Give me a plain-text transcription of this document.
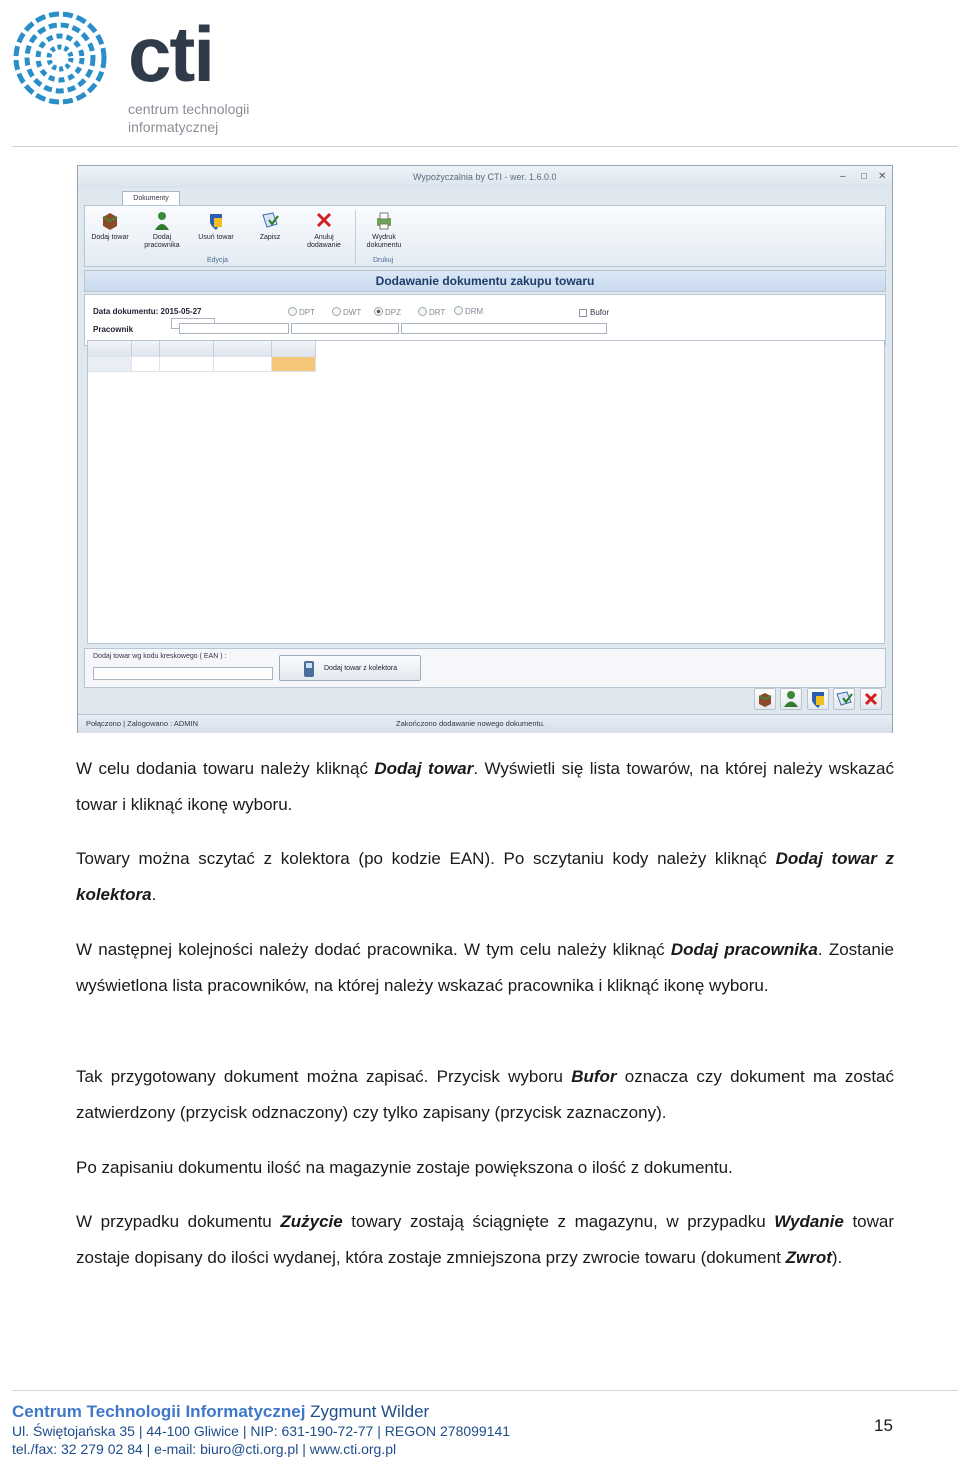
cti
centrum technologii
informatycznej
Wypożyczalnia by CTI - wer. 1.6.0.0	– □ ✕
Dokumenty
Dodaj towar	Dodaj
pracownika
Usuń towar	Zapisz	Anuluj
dodawanie
Wydruk
dokumentu
Edycja	Drukuj
Dodawanie dokumentu zakupu towaru
Data dokumentu: 2015-05-27
Pracownik
DPT	DWT	DPZ	DRT	DRM	Bufor
Dodaj towar wg kodu kreskowego ( EAN ) :
Dodaj towar z kolektora
Połączono | Zalogowano : ADMIN	Zakończono dodawanie nowego dokumentu.
W celu dodania towaru należy kliknąć Dodaj towar. Wyświetli się lista towarów, na której należy wskazać towar i kliknąć ikonę wyboru.
Towary można sczytać z kolektora (po kodzie EAN). Po sczytaniu kody należy kliknąć Dodaj towar z kolektora.
W następnej kolejności należy dodać pracownika. W tym celu należy kliknąć Dodaj pracownika. Zostanie wyświetlona lista pracowników, na której należy wskazać pracownika i kliknąć ikonę wyboru.
Tak przygotowany dokument można zapisać. Przycisk wyboru Bufor oznacza czy dokument ma zostać zatwierdzony (przycisk odznaczony) czy tylko zapisany (przycisk zaznaczony).
Po zapisaniu dokumentu ilość na magazynie zostaje powiększona o ilość z dokumentu.
W przypadku dokumentu Zużycie towary zostają ściągnięte z magazynu, w przypadku Wydanie towar zostaje dopisany do ilości wydanej, która zostaje zmniejszona przy zwrocie towaru (dokument Zwrot).
Centrum Technologii Informatycznej Zygmunt Wilder
Ul. Świętojańska 35 | 44-100 Gliwice | NIP: 631-190-72-77 | REGON 278099141
tel./fax: 32 279 02 84 | e-mail: biuro@cti.org.pl | www.cti.org.pl
15
